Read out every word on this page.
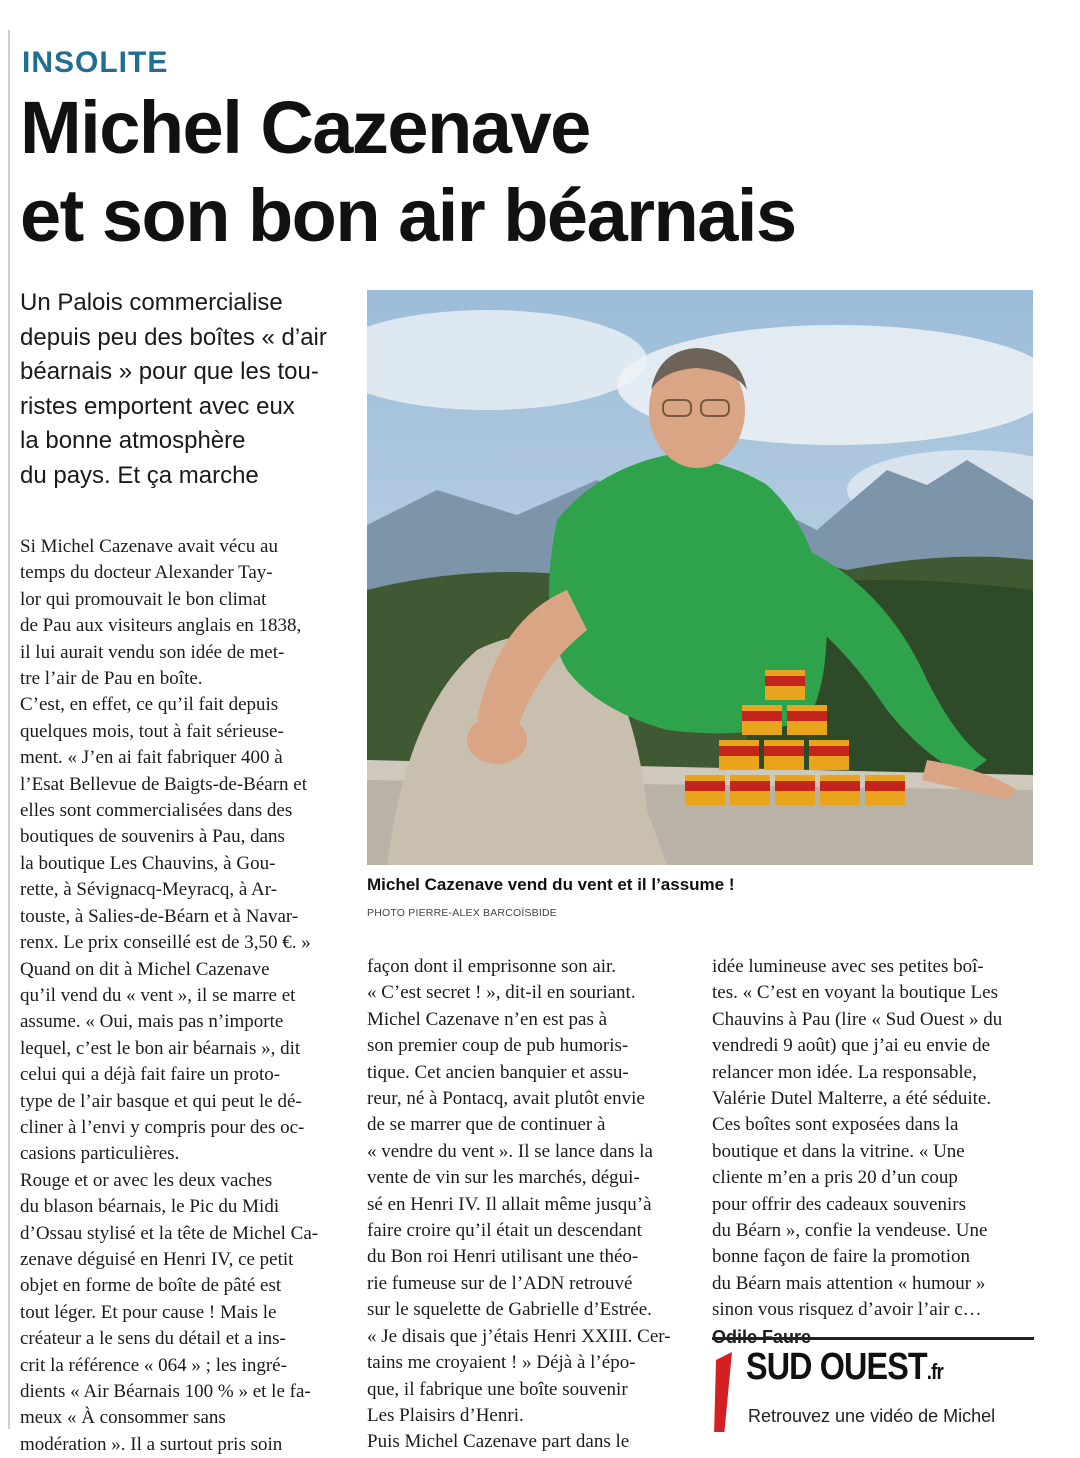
INSOLITE
Michel Cazenave
et son bon air béarnais
Un Palois commercialise
depuis peu des boîtes « d’air
béarnais » pour que les tou-
ristes emportent avec eux
la bonne atmosphère
du pays. Et ça marche
Michel Cazenave vend du vent et il l’assume !
PHOTO PIERRE-ALEX BARCOÏSBIDE
Si Michel Cazenave avait vécu au
temps du docteur Alexander Tay-
lor qui promouvait le bon climat
de Pau aux visiteurs anglais en 1838,
il lui aurait vendu son idée de met-
tre l’air de Pau en boîte.
C’est, en effet, ce qu’il fait depuis
quelques mois, tout à fait sérieuse-
ment. « J’en ai fait fabriquer 400 à
l’Esat Bellevue de Baigts-de-Béarn et
elles sont commercialisées dans des
boutiques de souvenirs à Pau, dans
la boutique Les Chauvins, à Gou-
rette, à Sévignacq-Meyracq, à Ar-
touste, à Salies-de-Béarn et à Navar-
renx. Le prix conseillé est de 3,50 €. »
Quand on dit à Michel Cazenave
qu’il vend du « vent », il se marre et
assume. « Oui, mais pas n’importe
lequel, c’est le bon air béarnais », dit
celui qui a déjà fait faire un proto-
type de l’air basque et qui peut le dé-
cliner à l’envi y compris pour des oc-
casions particulières.
Rouge et or avec les deux vaches
du blason béarnais, le Pic du Midi
d’Ossau stylisé et la tête de Michel Ca-
zenave déguisé en Henri IV, ce petit
objet en forme de boîte de pâté est
tout léger. Et pour cause ! Mais le
créateur a le sens du détail et a ins-
crit la référence « 064 » ; les ingré-
dients « Air Béarnais 100 % » et le fa-
meux « À consommer sans
modération ». Il a surtout pris soin
façon dont il emprisonne son air.
« C’est secret ! », dit-il en souriant.
Michel Cazenave n’en est pas à
son premier coup de pub humoris-
tique. Cet ancien banquier et assu-
reur, né à Pontacq, avait plutôt envie
de se marrer que de continuer à
« vendre du vent ». Il se lance dans la
vente de vin sur les marchés, dégui-
sé en Henri IV. Il allait même jusqu’à
faire croire qu’il était un descendant
du Bon roi Henri utilisant une théo-
rie fumeuse sur de l’ADN retrouvé
sur le squelette de Gabrielle d’Estrée.
« Je disais que j’étais Henri XXIII. Cer-
tains me croyaient ! » Déjà à l’épo-
que, il fabrique une boîte souvenir
Les Plaisirs d’Henri.
Puis Michel Cazenave part dans le
idée lumineuse avec ses petites boî-
tes. « C’est en voyant la boutique Les
Chauvins à Pau (lire « Sud Ouest » du
vendredi 9 août) que j’ai eu envie de
relancer mon idée. La responsable,
Valérie Dutel Malterre, a été séduite.
Ces boîtes sont exposées dans la
boutique et dans la vitrine. « Une
cliente m’en a pris 20 d’un coup
pour offrir des cadeaux souvenirs
du Béarn », confie la vendeuse. Une
bonne façon de faire la promotion
du Béarn mais attention « humour »
sinon vous risquez d’avoir l’air c…
Odile Faure
SUD OUEST.fr
Retrouvez une vidéo de Michel
